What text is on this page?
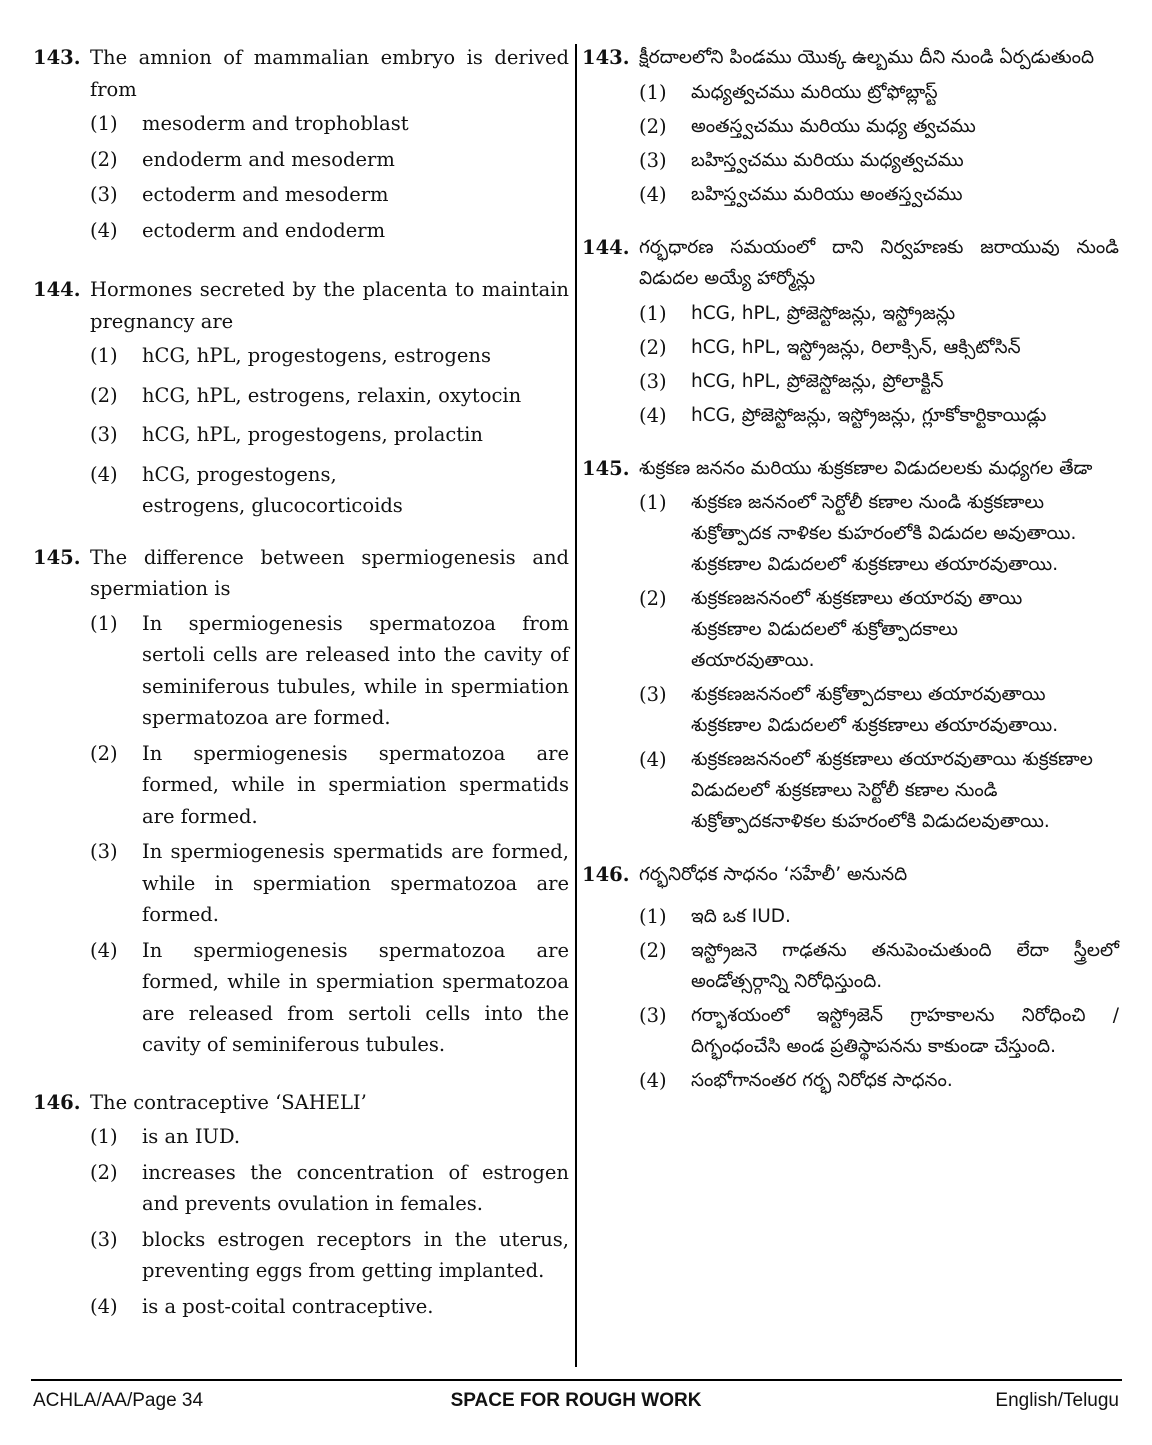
143. The amnion of mammalian embryo is derived from
(1) mesoderm and trophoblast
(2) endoderm and mesoderm
(3) ectoderm and mesoderm
(4) ectoderm and endoderm
144. Hormones secreted by the placenta to maintain pregnancy are
(1) hCG, hPL, progestogens, estrogens
(2) hCG, hPL, estrogens, relaxin, oxytocin
(3) hCG, hPL, progestogens, prolactin
(4) hCG, progestogens, estrogens, glucocorticoids
145. The difference between spermiogenesis and spermiation is
(1) In spermiogenesis spermatozoa from sertoli cells are released into the cavity of seminiferous tubules, while in spermiation spermatozoa are formed.
(2) In spermiogenesis spermatozoa are formed, while in spermiation spermatids are formed.
(3) In spermiogenesis spermatids are formed, while in spermiation spermatozoa are formed.
(4) In spermiogenesis spermatozoa are formed, while in spermiation spermatozoa are released from sertoli cells into the cavity of seminiferous tubules.
146. The contraceptive ‘SAHELI’
(1) is an IUD.
(2) increases the concentration of estrogen and prevents ovulation in females.
(3) blocks estrogen receptors in the uterus, preventing eggs from getting implanted.
(4) is a post-coital contraceptive.
143. క్షీరదాలలోని పిండము యొక్క ఉల్బము దీని నుండి ఏర్పడుతుంది
(1) మధ్యత్వచము మరియు ట్రోఫోబ్లాస్ట్
(2) అంతస్త్వచము మరియు మధ్య త్వచము
(3) బహిస్త్వచము మరియు మధ్యత్వచము
(4) బహిస్త్వచము మరియు అంతస్త్వచము
144. గర్భధారణ సమయంలో దాని నిర్వహణకు జరాయువు నుండి విడుదల అయ్యే హార్మోన్లు
(1) hCG, hPL, ప్రోజెస్టోజన్లు, ఇస్ట్రోజన్లు
(2) hCG, hPL, ఇస్ట్రోజన్లు, రిలాక్సిన్, ఆక్సిటోసిన్
(3) hCG, hPL, ప్రోజెస్టోజన్లు, ప్రోలాక్టిన్
(4) hCG, ప్రోజెస్టోజన్లు, ఇస్ట్రోజన్లు, గ్లూకోకార్టికాయిడ్లు
145. శుక్రకణ జననం మరియు శుక్రకణాల విడుదలలకు మధ్యగల తేడా
(1) శుక్రకణ జననంలో సెర్టోలీ కణాల నుండి శుక్రకణాలు శుక్రోత్పాదక నాళికల కుహరంలోకి విడుదల అవుతాయి. శుక్రకణాల విడుదలలో శుక్రకణాలు తయారవుతాయి.
(2) శుక్రకణజననంలో శుక్రకణాలు తయారవు తాయి శుక్రకణాల విడుదలలో శుక్రోత్పాదకాలు తయారవుతాయి.
(3) శుక్రకణజననంలో శుక్రోత్పాదకాలు తయారవుతాయి శుక్రకణాల విడుదలలో శుక్రకణాలు తయారవుతాయి.
(4) శుక్రకణజననంలో శుక్రకణాలు తయారవుతాయి శుక్రకణాల విడుదలలో శుక్రకణాలు సెర్టోలీ కణాల నుండి శుక్రోత్పాదకనాళికల కుహరంలోకి విడుదలవుతాయి.
146. గర్భనిరోధక సాధనం ‘సహేలీ’ అనునది
(1) ఇది ఒక IUD.
(2) ఇస్ట్రోజనె గాఢతను తనుపెంచుతుంది లేదా స్త్రీలలో అండోత్సర్గాన్ని నిరోధిస్తుంది.
(3) గర్భాశయంలో ఇస్ట్రోజెన్ గ్రాహకాలను నిరోధించి / దిగ్భంధంచేసి అండ ప్రతిస్థాపనను కాకుండా చేస్తుంది.
(4) సంభోగానంతర గర్భ నిరోధక సాధనం.
ACHLA/AA/Page 34	SPACE FOR ROUGH WORK	English/Telugu
